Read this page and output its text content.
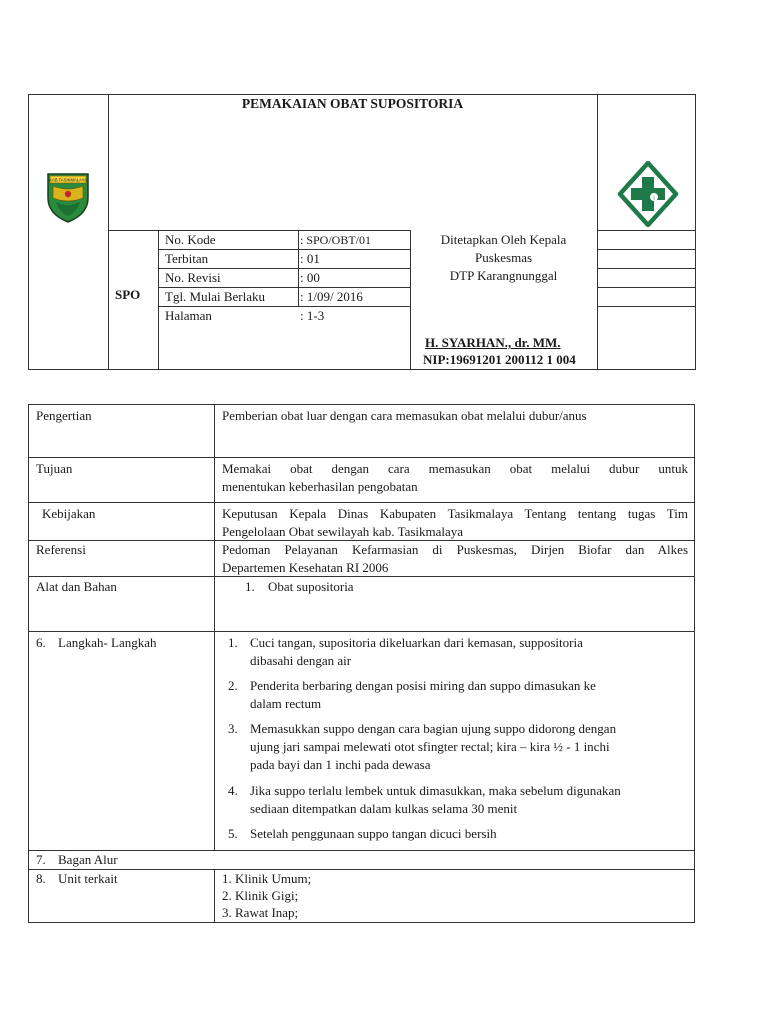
KAB.TASIKMALAYA
♁
PEMAKAIAN OBAT SUPOSITORIA
SPO
No. Kode	: SPO/OBT/01
Terbitan	: 01
No. Revisi	: 00
Tgl. Mulai Berlaku	: 1/09/ 2016
Halaman	: 1-3
Ditetapkan Oleh Kepala
Puskesmas
DTP Karangnunggal
H. SYARHAN., dr. MM.
NIP:19691201 200112 1 004
Pengertian	Pemberian obat luar dengan cara memasukan obat melalui dubur/anus
Tujuan	Memakai obat dengan cara memasukan obat melalui dubur untuk
menentukan keberhasilan pengobatan
Kebijakan	Keputusan Kepala Dinas Kabupaten Tasikmalaya Tentang tentang tugas Tim
Pengelolaan Obat sewilayah kab. Tasikmalaya
Referensi	Pedoman Pelayanan Kefarmasian di Puskesmas, Dirjen Biofar dan Alkes
Departemen Kesehatan RI 2006
Alat dan Bahan	1. Obat supositoria
6. Langkah- Langkah	1. Cuci tangan, supositoria dikeluarkan dari kemasan, suppositoria
dibasahi dengan air
2. Penderita berbaring dengan posisi miring dan suppo dimasukan ke
dalam rectum
3. Memasukkan suppo dengan cara bagian ujung suppo didorong dengan
ujung jari sampai melewati otot sfingter rectal; kira – kira ½ - 1 inchi
pada bayi dan 1 inchi pada dewasa
4. Jika suppo terlalu lembek untuk dimasukkan, maka sebelum digunakan
sediaan ditempatkan dalam kulkas selama 30 menit
5. Setelah penggunaan suppo tangan dicuci bersih
7. Bagan Alur
8. Unit terkait	1. Klinik Umum;
2. Klinik Gigi;
3. Rawat Inap;
